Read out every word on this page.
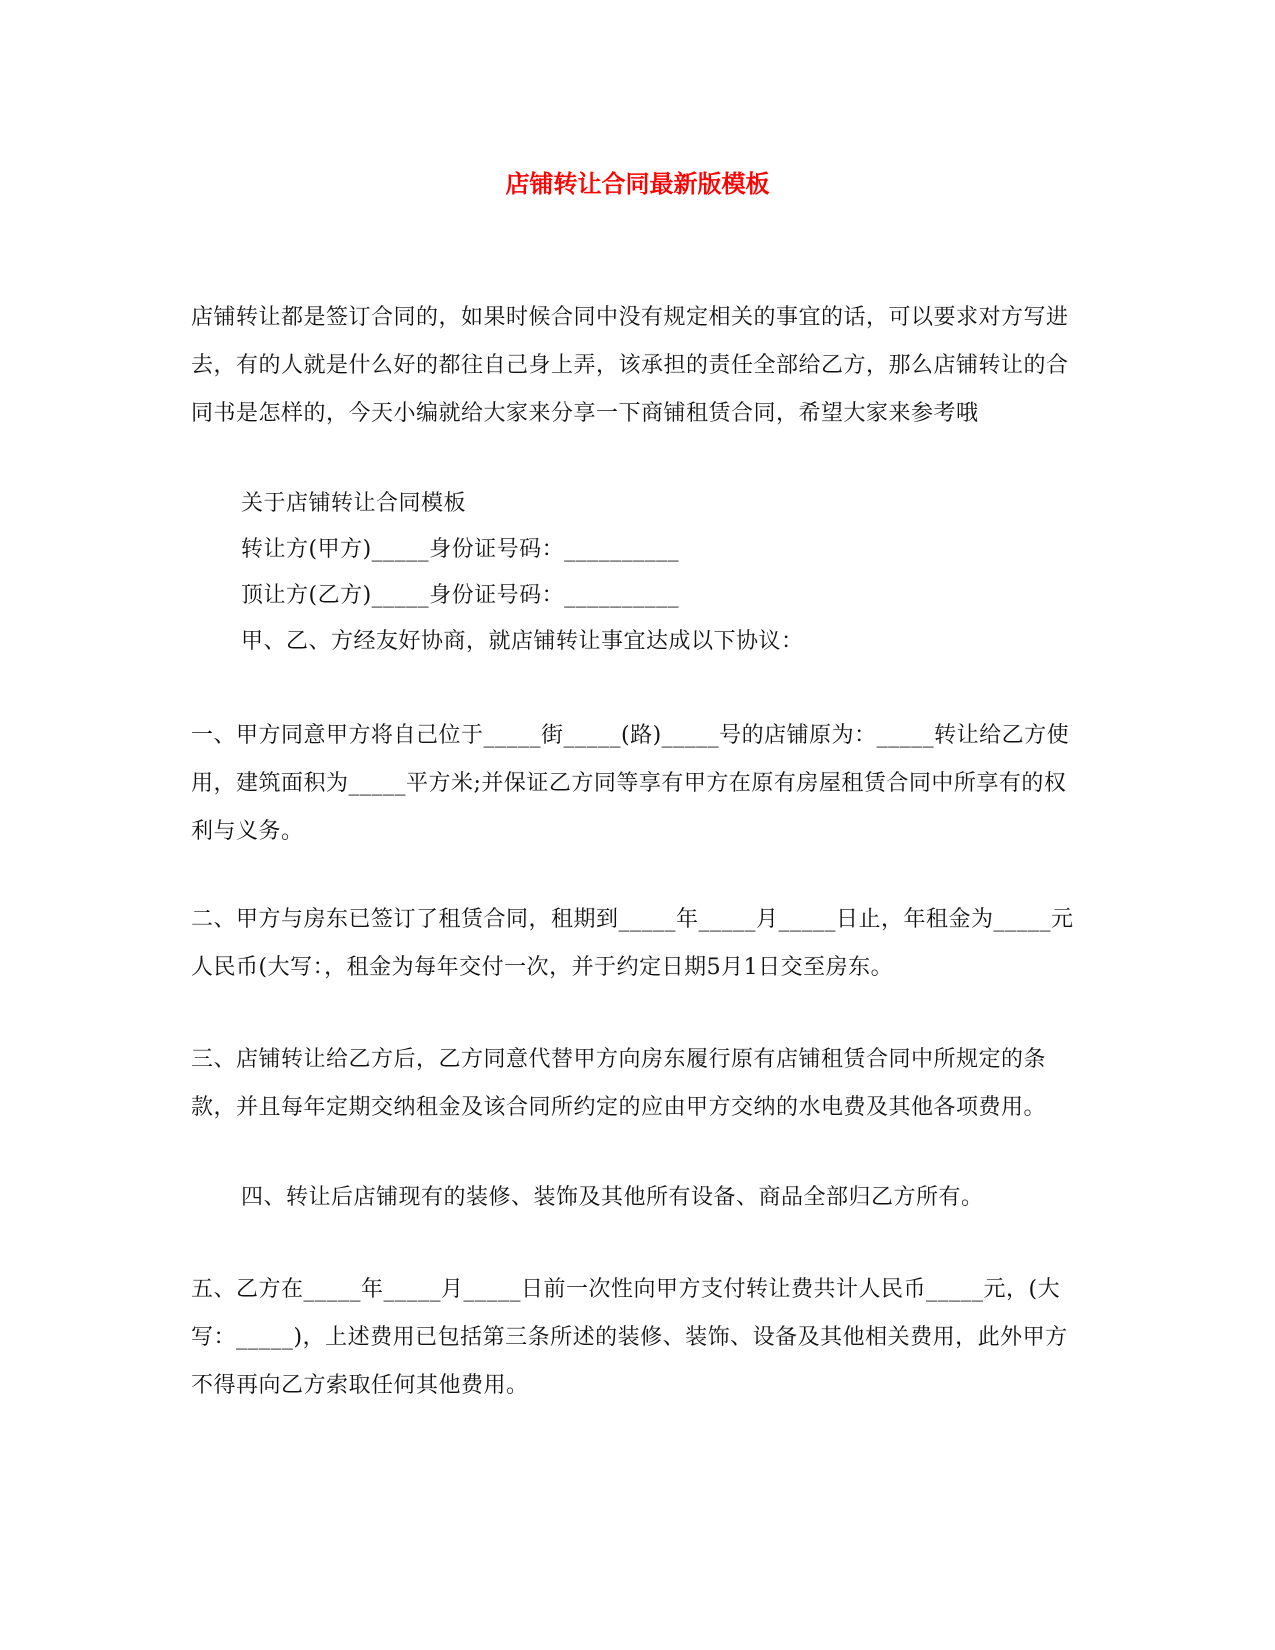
店铺转让合同最新版模板

店铺转让都是签订合同的，如果时候合同中没有规定相关的事宜的话，可以要求对方写进去，有的人就是什么好的都往自己身上弄，该承担的责任全部给乙方，那么店铺转让的合同书是怎样的，今天小编就给大家来分享一下商铺租赁合同，希望大家来参考哦

关于店铺转让合同模板

转让方(甲方)_____身份证号码：__________

顶让方(乙方)_____身份证号码：__________

甲、乙、方经友好协商，就店铺转让事宜达成以下协议：

一、甲方同意甲方将自己位于_____街_____(路)_____号的店铺原为：_____转让给乙方使用，建筑面积为_____平方米;并保证乙方同等享有甲方在原有房屋租赁合同中所享有的权利与义务。

二、甲方与房东已签订了租赁合同，租期到_____年_____月_____日止，年租金为_____元人民币(大写：，租金为每年交付一次，并于约定日期5月1日交至房东。

三、店铺转让给乙方后，乙方同意代替甲方向房东履行原有店铺租赁合同中所规定的条款，并且每年定期交纳租金及该合同所约定的应由甲方交纳的水电费及其他各项费用。

四、转让后店铺现有的装修、装饰及其他所有设备、商品全部归乙方所有。

五、乙方在_____年_____月_____日前一次性向甲方支付转让费共计人民币_____元，(大写：_____)，上述费用已包括第三条所述的装修、装饰、设备及其他相关费用，此外甲方不得再向乙方索取任何其他费用。
